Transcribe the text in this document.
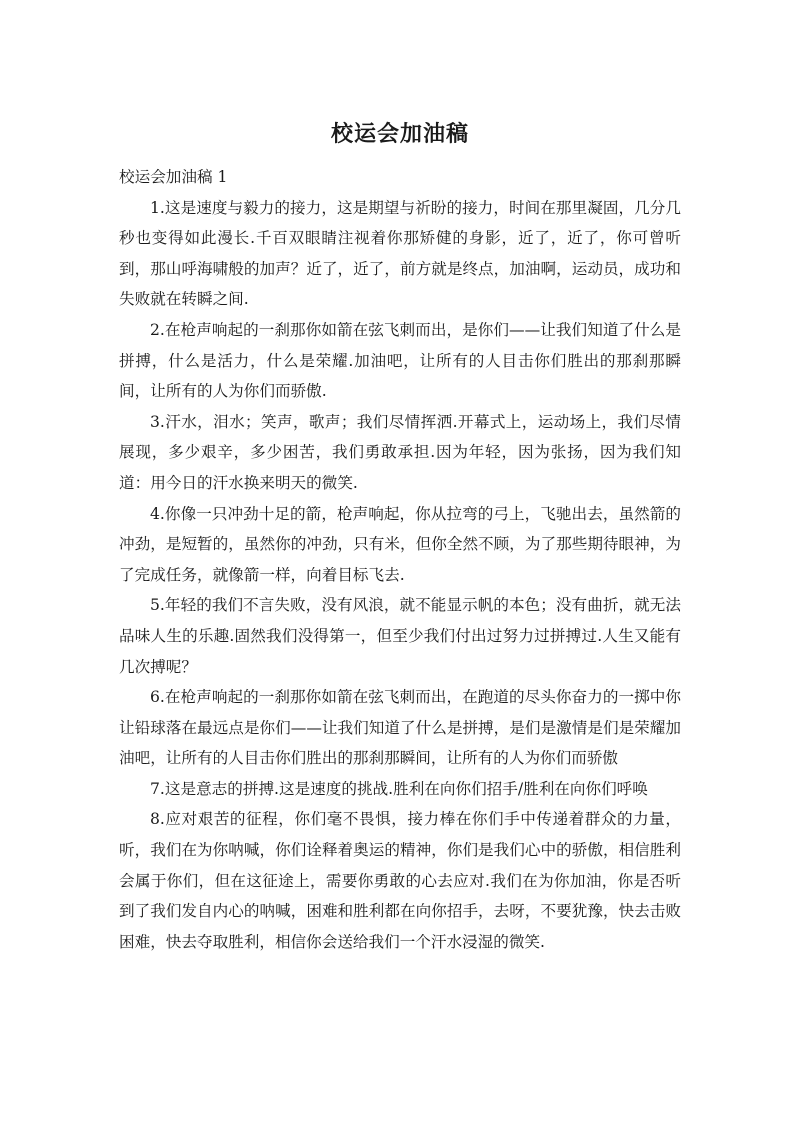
校运会加油稿

校运会加油稿 1

1.这是速度与毅力的接力，这是期望与祈盼的接力，时间在那里凝固，几分几秒也变得如此漫长.千百双眼睛注视着你那矫健的身影，近了，近了，你可曾听到，那山呼海啸般的加声？近了，近了，前方就是终点，加油啊，运动员，成功和失败就在转瞬之间.

2.在枪声响起的一刹那你如箭在弦飞刺而出，是你们——让我们知道了什么是拼搏，什么是活力，什么是荣耀.加油吧，让所有的人目击你们胜出的那刹那瞬间，让所有的人为你们而骄傲.

3.汗水，泪水；笑声，歌声；我们尽情挥洒.开幕式上，运动场上，我们尽情展现，多少艰辛，多少困苦，我们勇敢承担.因为年轻，因为张扬，因为我们知道：用今日的汗水换来明天的微笑.

4.你像一只冲劲十足的箭，枪声响起，你从拉弯的弓上，飞驰出去，虽然箭的冲劲，是短暂的，虽然你的冲劲，只有米，但你全然不顾，为了那些期待眼神，为了完成任务，就像箭一样，向着目标飞去.

5.年轻的我们不言失败，没有风浪，就不能显示帆的本色；没有曲折，就无法品味人生的乐趣.固然我们没得第一，但至少我们付出过努力过拼搏过.人生又能有几次搏呢？

6.在枪声响起的一刹那你如箭在弦飞刺而出，在跑道的尽头你奋力的一掷中你让铅球落在最远点是你们——让我们知道了什么是拼搏，是们是激情是们是荣耀加油吧，让所有的人目击你们胜出的那刹那瞬间，让所有的人为你们而骄傲

7.这是意志的拼搏.这是速度的挑战.胜利在向你们招手/胜利在向你们呼唤

8.应对艰苦的征程，你们毫不畏惧，接力棒在你们手中传递着群众的力量，听，我们在为你呐喊，你们诠释着奥运的精神，你们是我们心中的骄傲，相信胜利会属于你们，但在这征途上，需要你勇敢的心去应对.我们在为你加油，你是否听到了我们发自内心的呐喊，困难和胜利都在向你招手，去呀，不要犹豫，快去击败困难，快去夺取胜利，相信你会送给我们一个汗水浸湿的微笑.
